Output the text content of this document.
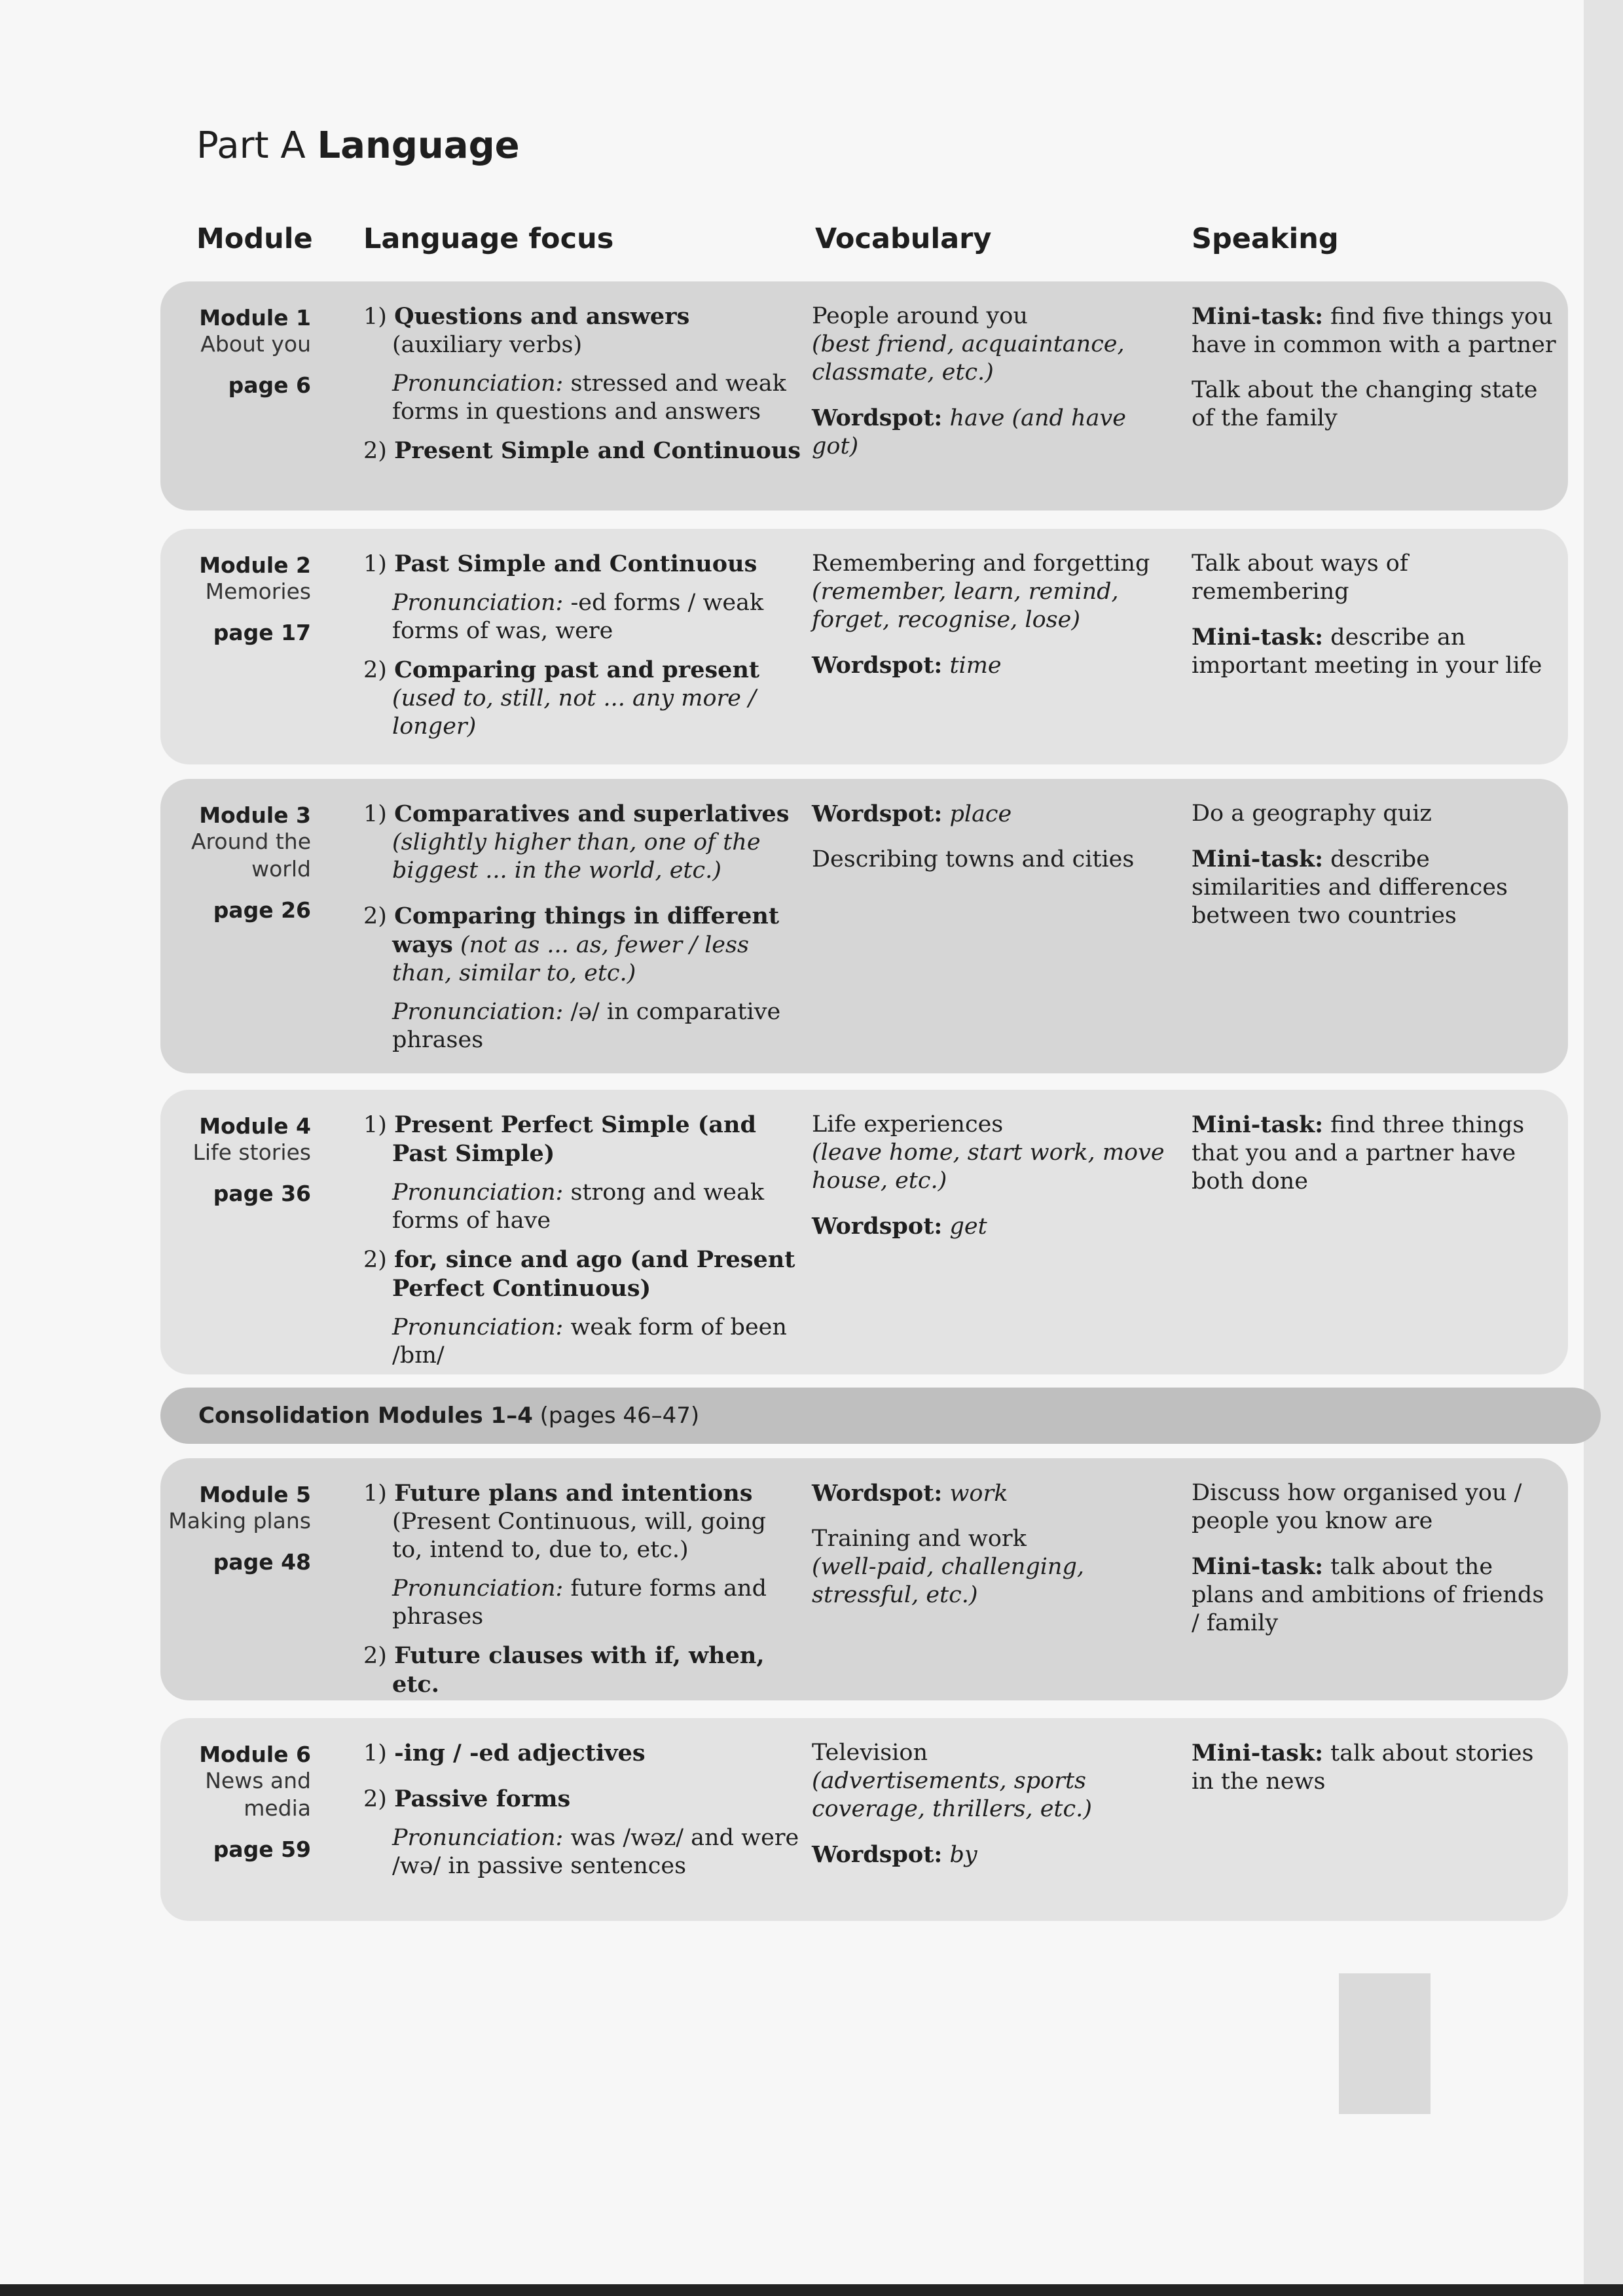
Part A Language
Module Language focus	Vocabulary	Speaking
Module 1
About you
page 6

1) Questions and answers
(auxiliary verbs)

Pronunciation: stressed and weak forms in questions and answers

2) Present Simple and Continuous

People around you
(best friend, acquaintance, classmate, etc.)

Wordspot: have (and have got)

Mini-task: find five things you have in common with a partner

Talk about the changing state of the family

Module 2
Memories
page 17

1) Past Simple and Continuous

Pronunciation: -ed forms / weak forms of was, were

2) Comparing past and present
(used to, still, not ... any more / longer)

Remembering and forgetting
(remember, learn, remind, forget, recognise, lose)

Wordspot: time

Talk about ways of remembering

Mini-task: describe an important meeting in your life

Module 3
Around the world
page 26

1) Comparatives and superlatives
(slightly higher than, one of the biggest ... in the world, etc.)

2) Comparing things in different ways (not as ... as, fewer / less than, similar to, etc.)

Pronunciation: /ə/ in comparative phrases

Wordspot: place

Describing towns and cities

Do a geography quiz

Mini-task: describe similarities and differences between two countries

Module 4
Life stories
page 36

1) Present Perfect Simple (and Past Simple)

Pronunciation: strong and weak forms of have

2) for, since and ago (and Present Perfect Continuous)

Pronunciation: weak form of been /bɪn/

Life experiences
(leave home, start work, move house, etc.)

Wordspot: get

Mini-task: find three things that you and a partner have both done

Consolidation Modules 1–4 (pages 46–47)
Module 5
Making plans
page 48

1) Future plans and intentions
(Present Continuous, will, going to, intend to, due to, etc.)

Pronunciation: future forms and phrases

2) Future clauses with if, when, etc.

Wordspot: work

Training and work
(well-paid, challenging, stressful, etc.)

Discuss how organised you / people you know are

Mini-task: talk about the plans and ambitions of friends / family

Module 6
News and media
page 59

1) -ing / -ed adjectives

2) Passive forms

Pronunciation: was /wəz/ and were /wə/ in passive sentences

Television
(advertisements, sports coverage, thrillers, etc.)

Wordspot: by

Mini-task: talk about stories in the news
